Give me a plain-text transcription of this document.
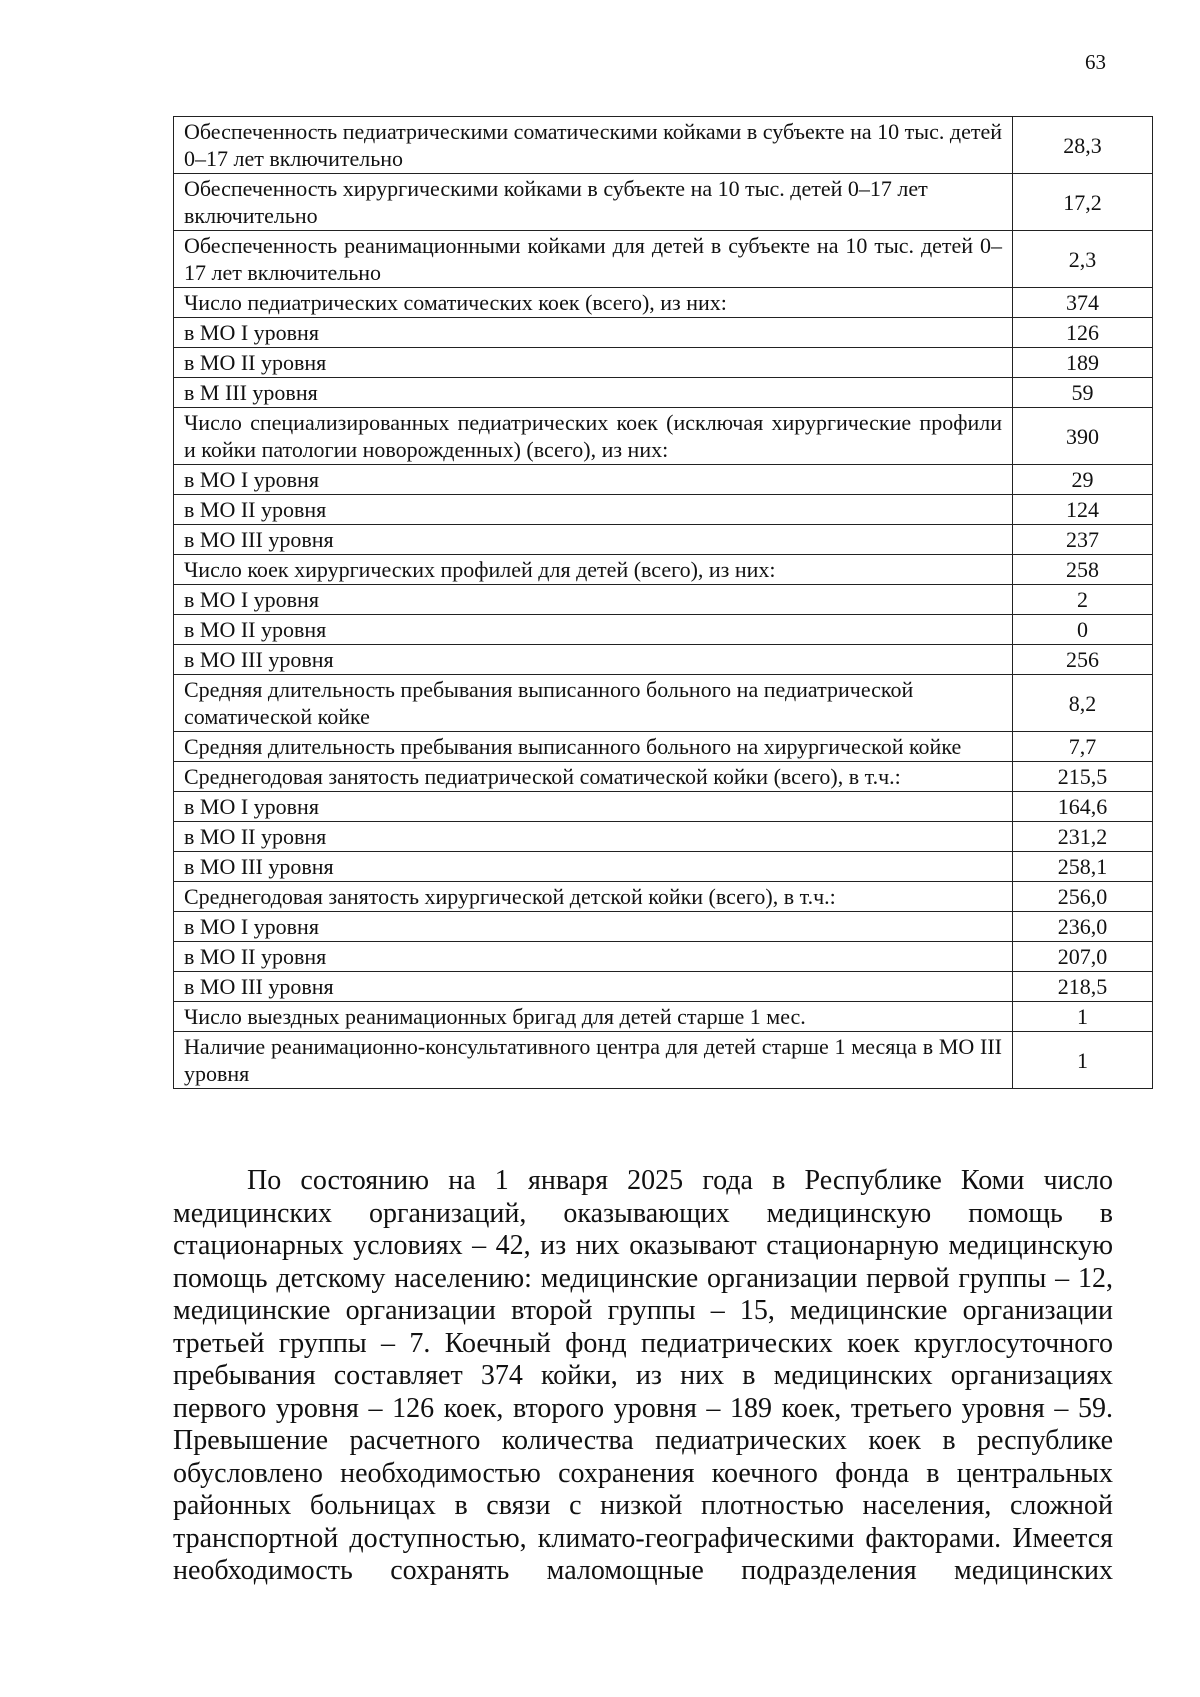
63
Обеспеченность педиатрическими соматическими койками в субъекте на 10 тыс. детей 0–17 лет включительно	28,3
Обеспеченность хирургическими койками в субъекте на 10 тыс. детей 0–17 лет включительно	17,2
Обеспеченность реанимационными койками для детей в субъекте на 10 тыс. детей 0–17 лет включительно	2,3
Число педиатрических соматических коек (всего), из них:	374
в МО I уровня	126
в МО II уровня	189
в М III уровня	59
Число специализированных педиатрических коек (исключая хирургические профили и койки патологии новорожденных) (всего), из них:	390
в МО I уровня	29
в МО II уровня	124
в МО III уровня	237
Число коек хирургических профилей для детей (всего), из них:	258
в МО I уровня	2
в МО II уровня	0
в МО III уровня	256
Средняя длительность пребывания выписанного больного на педиатрической соматической койке	8,2
Средняя длительность пребывания выписанного больного на хирургической койке	7,7
Среднегодовая занятость педиатрической соматической койки (всего), в т.ч.:	215,5
в МО I уровня	164,6
в МО II уровня	231,2
в МО III уровня	258,1
Среднегодовая занятость хирургической детской койки (всего), в т.ч.:	256,0
в МО I уровня	236,0
в МО II уровня	207,0
в МО III уровня	218,5
Число выездных реанимационных бригад для детей старше 1 мес.	1
Наличие реанимационно-консультативного центра для детей старше 1 месяца в МО III уровня	1

По состоянию на 1 января 2025 года в Республике Коми число медицинских организаций, оказывающих медицинскую помощь в стационарных условиях – 42, из них оказывают стационарную медицинскую помощь детскому населению: медицинские организации первой группы – 12, медицинские организации второй группы – 15, медицинские организации третьей группы – 7. Коечный фонд педиатрических коек круглосуточного пребывания составляет 374 койки, из них в медицинских организациях первого уровня – 126 коек, второго уровня – 189 коек, третьего уровня – 59. Превышение расчетного количества педиатрических коек в республике обусловлено необходимостью сохранения коечного фонда в центральных районных больницах в связи с низкой плотностью населения, сложной транспортной доступностью, климато-географическими факторами. Имеется необходимость сохранять маломощные подразделения медицинских
